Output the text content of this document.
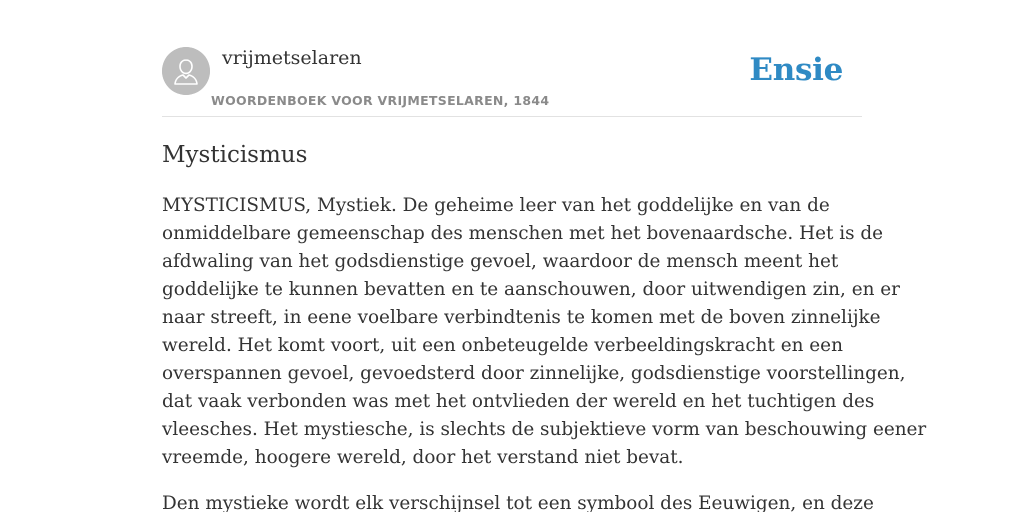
vrijmetselaren
WOORDENBOEK VOOR VRIJMETSELAREN, 1844
Ensie
Mysticismus

MYSTICISMUS, Mystiek. De geheime leer van het goddelijke en van de
onmiddelbare gemeenschap des menschen met het bovenaardsche. Het is de
afdwaling van het godsdienstige gevoel, waardoor de mensch meent het
goddelijke te kunnen bevatten en te aanschouwen, door uitwendigen zin, en er
naar streeft, in eene voelbare verbindtenis te komen met de boven zinnelijke
wereld. Het komt voort, uit een onbeteugelde verbeeldingskracht en een
overspannen gevoel, gevoedsterd door zinnelijke, godsdienstige voorstellingen,
dat vaak verbonden was met het ontvlieden der wereld en het tuchtigen des
vleesches. Het mystiesche, is slechts de subjektieve vorm van beschouwing eener
vreemde, hoogere wereld, door het verstand niet bevat.

Den mystieke wordt elk verschijnsel tot een symbool des Eeuwigen, en deze
